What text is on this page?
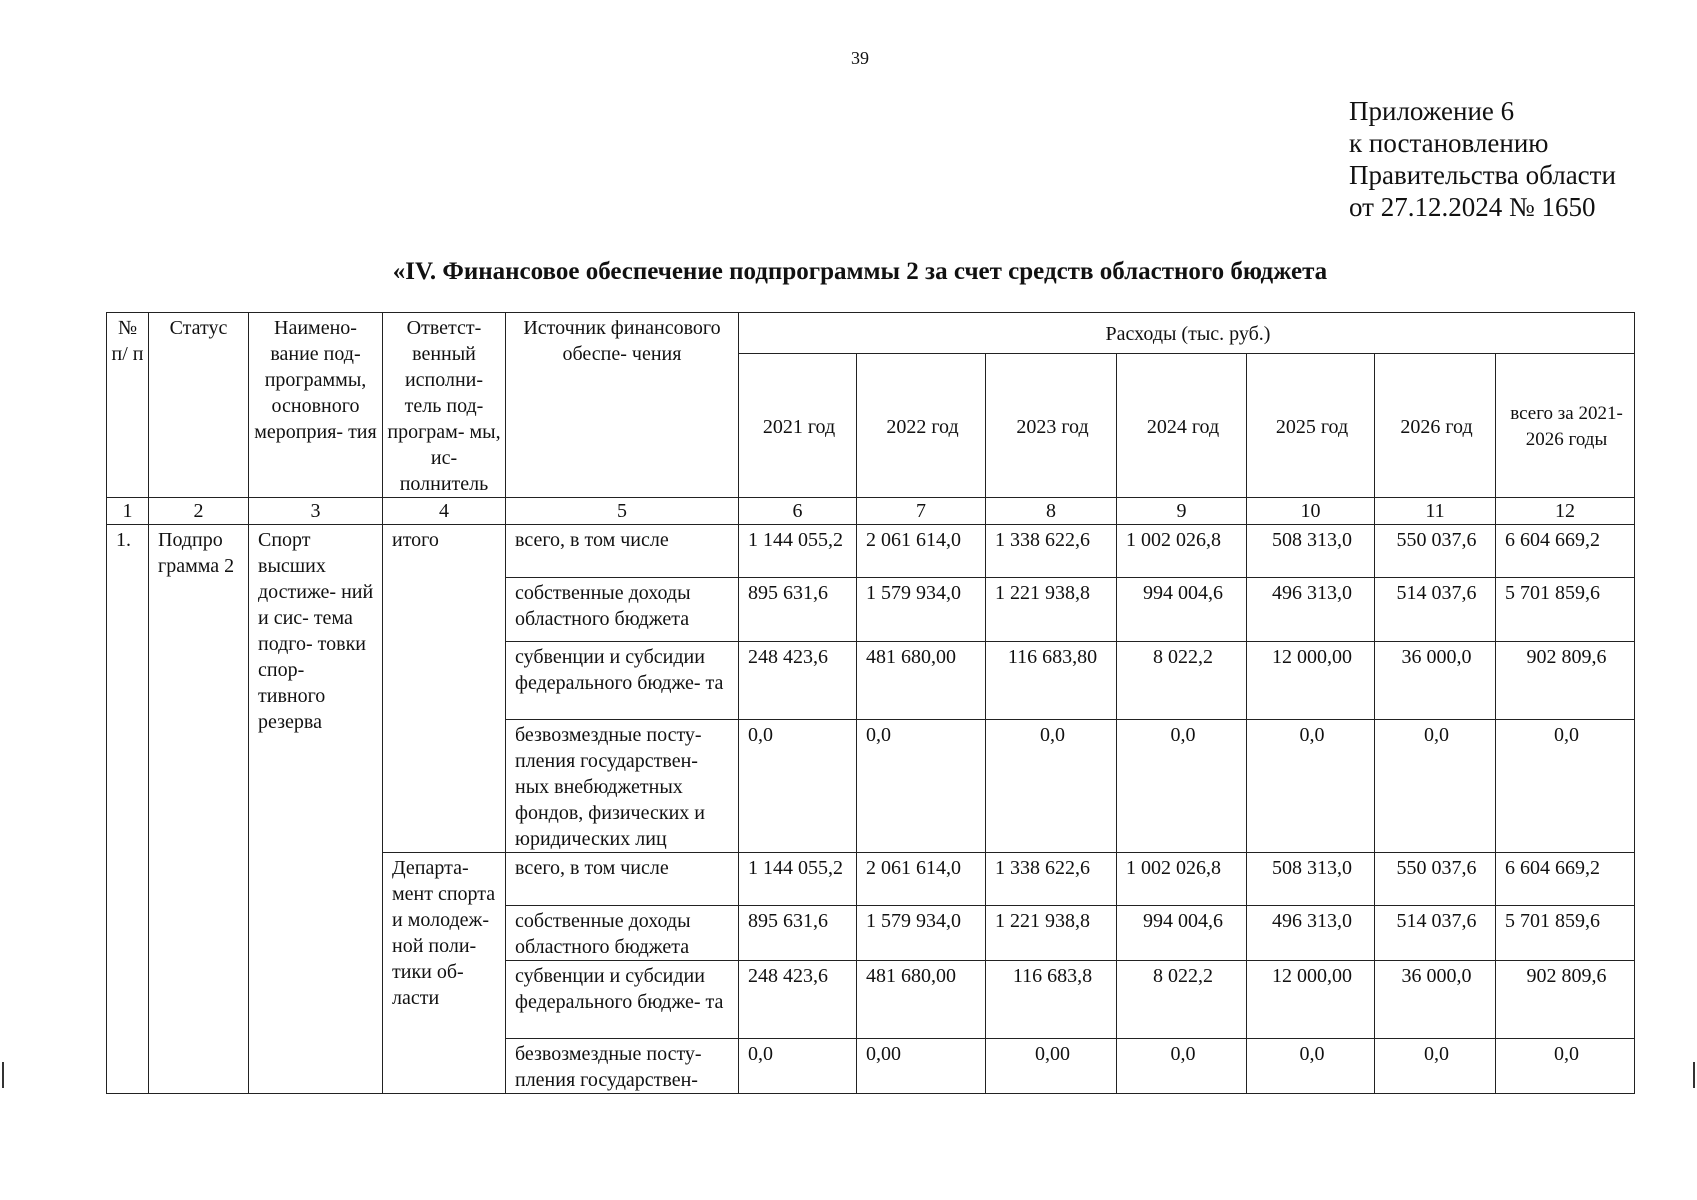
39
Приложение 6
к постановлению
Правительства области
от 27.12.2024 № 1650
«IV. Финансовое обеспечение подпрограммы 2 за счет средств областного бюджета
№ п/ п	Статус	Наимено- вание под- программы, основного мероприя- тия	Ответст- венный исполни- тель под- програм- мы, ис- полнитель	Источник финансового обеспе- чения	Расходы (тыс. руб.)						
					2021 год	2022 год	2023 год	2024 год	2025 год	2026 год	всего за 2021-2026 годы
1	2	3	4	5	6	7	8	9	10	11	12
1.	Подпро грамма 2	Спорт высших достиже- ний и сис- тема подго- товки спор- тивного резерва	итого	всего, в том числе	1 144 055,2	2 061 614,0	1 338 622,6	1 002 026,8	508 313,0	550 037,6	6 604 669,2
				собственные доходы областного бюджета	895 631,6	1 579 934,0	1 221 938,8	994 004,6	496 313,0	514 037,6	5 701 859,6
				субвенции и субсидии федерального бюдже- та	248 423,6	481 680,00	116 683,80	8 022,2	12 000,00	36 000,0	902 809,6
				безвозмездные посту- пления государствен- ных внебюджетных фондов, физических и юридических лиц	0,0	0,0	0,0	0,0	0,0	0,0	0,0
			Департа- мент спорта и молодеж- ной поли- тики об- ласти	всего, в том числе	1 144 055,2	2 061 614,0	1 338 622,6	1 002 026,8	508 313,0	550 037,6	6 604 669,2
				собственные доходы областного бюджета	895 631,6	1 579 934,0	1 221 938,8	994 004,6	496 313,0	514 037,6	5 701 859,6
				субвенции и субсидии федерального бюдже- та	248 423,6	481 680,00	116 683,8	8 022,2	12 000,00	36 000,0	902 809,6
				безвозмездные посту- пления государствен-	0,0	0,00	0,00	0,0	0,0	0,0	0,0
